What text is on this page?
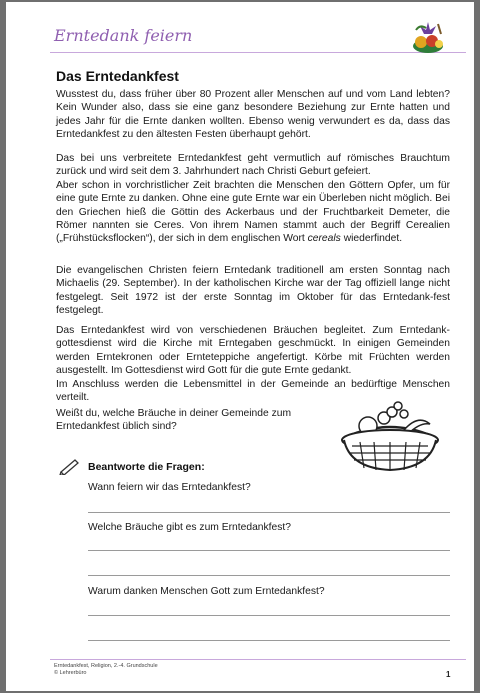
Erntedank feiern
Das Erntedankfest
Wusstest du, dass früher über 80 Prozent aller Menschen auf und vom Land lebten? Kein Wunder also, dass sie eine ganz besondere Beziehung zur Ernte hatten und jedes Jahr für die Ernte danken wollten. Ebenso wenig verwundert es da, dass das Erntedankfest zu den ältesten Festen überhaupt gehört.
Das bei uns verbreitete Erntedankfest geht vermutlich auf römisches Brauchtum zurück und wird seit dem 3. Jahrhundert nach Christi Geburt gefeiert.
Aber schon in vorchristlicher Zeit brachten die Menschen den Göttern Opfer, um für eine gute Ernte zu danken. Ohne eine gute Ernte war ein Überleben nicht möglich. Bei den Griechen hieß die Göttin des Ackerbaus und der Fruchtbarkeit Demeter, die Römer nannten sie Ceres. Von ihrem Namen stammt auch der Begriff Cerealien („Frühstücksflocken“), der sich in dem englischen Wort cereals wiederfindet.
Die evangelischen Christen feiern Erntedank traditionell am ersten Sonntag nach Michaelis (29. September). In der katholischen Kirche war der Tag offiziell lange nicht festgelegt. Seit 1972 ist der erste Sonntag im Oktober für das Erntedank-fest festgelegt.
Das Erntedankfest wird von verschiedenen Bräuchen begleitet. Zum Erntedank-gottesdienst wird die Kirche mit Erntegaben geschmückt. In einigen Gemeinden werden Erntekronen oder Ernteteppiche angefertigt. Körbe mit Früchten werden ausgestellt. Im Gottesdienst wird Gott für die gute Ernte gedankt.
Im Anschluss werden die Lebensmittel in der Gemeinde an bedürftige Menschen verteilt.
Weißt du, welche Bräuche in deiner Gemeinde zum Erntedankfest üblich sind?
Beantworte die Fragen:
Wann feiern wir das Erntedankfest?
Welche Bräuche gibt es zum Erntedankfest?
Warum danken Menschen Gott zum Erntedankfest?
Erntedankfest, Religion, 2.-4. Grundschule
© Lehrerbüro	1
